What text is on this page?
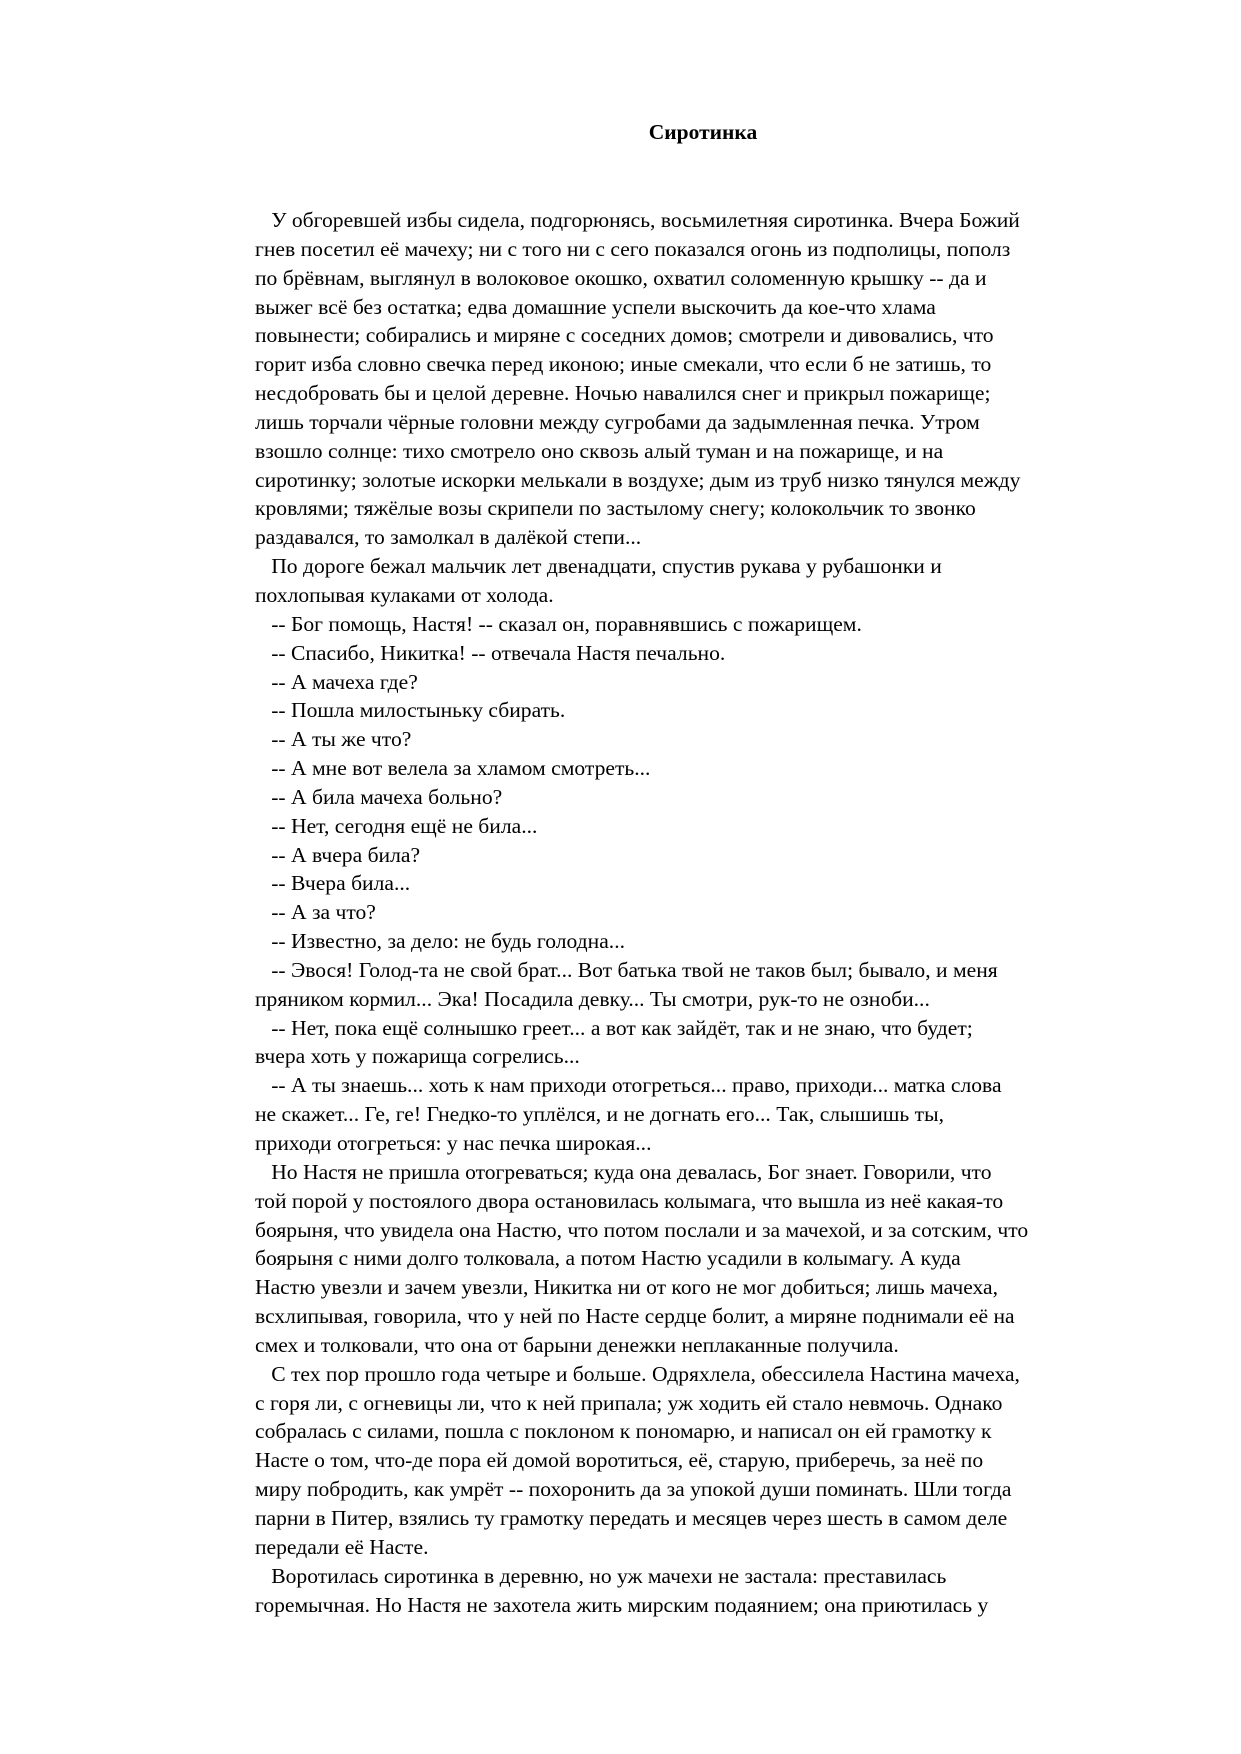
Сиротинка

У обгоревшей избы сидела, подгорюнясь, восьмилетняя сиротинка. Вчера Божий

гнев посетил её мачеху; ни с того ни с сего показался огонь из подполицы, пополз

по брёвнам, выглянул в волоковое окошко, охватил соломенную крышку -- да и

выжег всё без остатка; едва домашние успели выскочить да кое-что хлама

повынести; собирались и миряне с соседних домов; смотрели и дивовались, что

горит изба словно свечка перед иконою; иные смекали, что если б не затишь, то

несдобровать бы и целой деревне. Ночью навалился снег и прикрыл пожарище;

лишь торчали чёрные головни между сугробами да задымленная печка. Утром

взошло солнце: тихо смотрело оно сквозь алый туман и на пожарище, и на

сиротинку; золотые искорки мелькали в воздухе; дым из труб низко тянулся между

кровлями; тяжёлые возы скрипели по застылому снегу; колокольчик то звонко

раздавался, то замолкал в далёкой степи...

По дороге бежал мальчик лет двенадцати, спустив рукава у рубашонки и

похлопывая кулаками от холода.

-- Бог помощь, Настя! -- сказал он, поравнявшись с пожарищем.

-- Спасибо, Никитка! -- отвечала Настя печально.

-- А мачеха где?

-- Пошла милостыньку сбирать.

-- А ты же что?

-- А мне вот велела за хламом смотреть...

-- А била мачеха больно?

-- Нет, сегодня ещё не била...

-- А вчера била?

-- Вчера била...

-- А за что?

-- Известно, за дело: не будь голодна...

-- Эвося! Голод-та не свой брат... Вот батька твой не таков был; бывало, и меня

пряником кормил... Эка! Посадила девку... Ты смотри, рук-то не озноби...

-- Нет, пока ещё солнышко греет... а вот как зайдёт, так и не знаю, что будет;

вчера хоть у пожарища согрелись...

-- А ты знаешь... хоть к нам приходи отогреться... право, приходи... матка слова

не скажет... Ге, ге! Гнедко-то уплёлся, и не догнать его... Так, слышишь ты,

приходи отогреться: у нас печка широкая...

Но Настя не пришла отогреваться; куда она девалась, Бог знает. Говорили, что

той порой у постоялого двора остановилась колымага, что вышла из неё какая-то

боярыня, что увидела она Настю, что потом послали и за мачехой, и за сотским, что

боярыня с ними долго толковала, а потом Настю усадили в колымагу. А куда

Настю увезли и зачем увезли, Никитка ни от кого не мог добиться; лишь мачеха,

всхлипывая, говорила, что у ней по Насте сердце болит, а миряне поднимали её на

смех и толковали, что она от барыни денежки неплаканные получила.

С тех пор прошло года четыре и больше. Одряхлела, обессилела Настина мачеха,

с горя ли, с огневицы ли, что к ней припала; уж ходить ей стало невмочь. Однако

собралась с силами, пошла с поклоном к пономарю, и написал он ей грамотку к

Насте о том, что-де пора ей домой воротиться, её, старую, приберечь, за неё по

миру побродить, как умрёт -- похоронить да за упокой души поминать. Шли тогда

парни в Питер, взялись ту грамотку передать и месяцев через шесть в самом деле

передали её Насте.

Воротилась сиротинка в деревню, но уж мачехи не застала: преставилась

горемычная. Но Настя не захотела жить мирским подаянием; она приютилась у
